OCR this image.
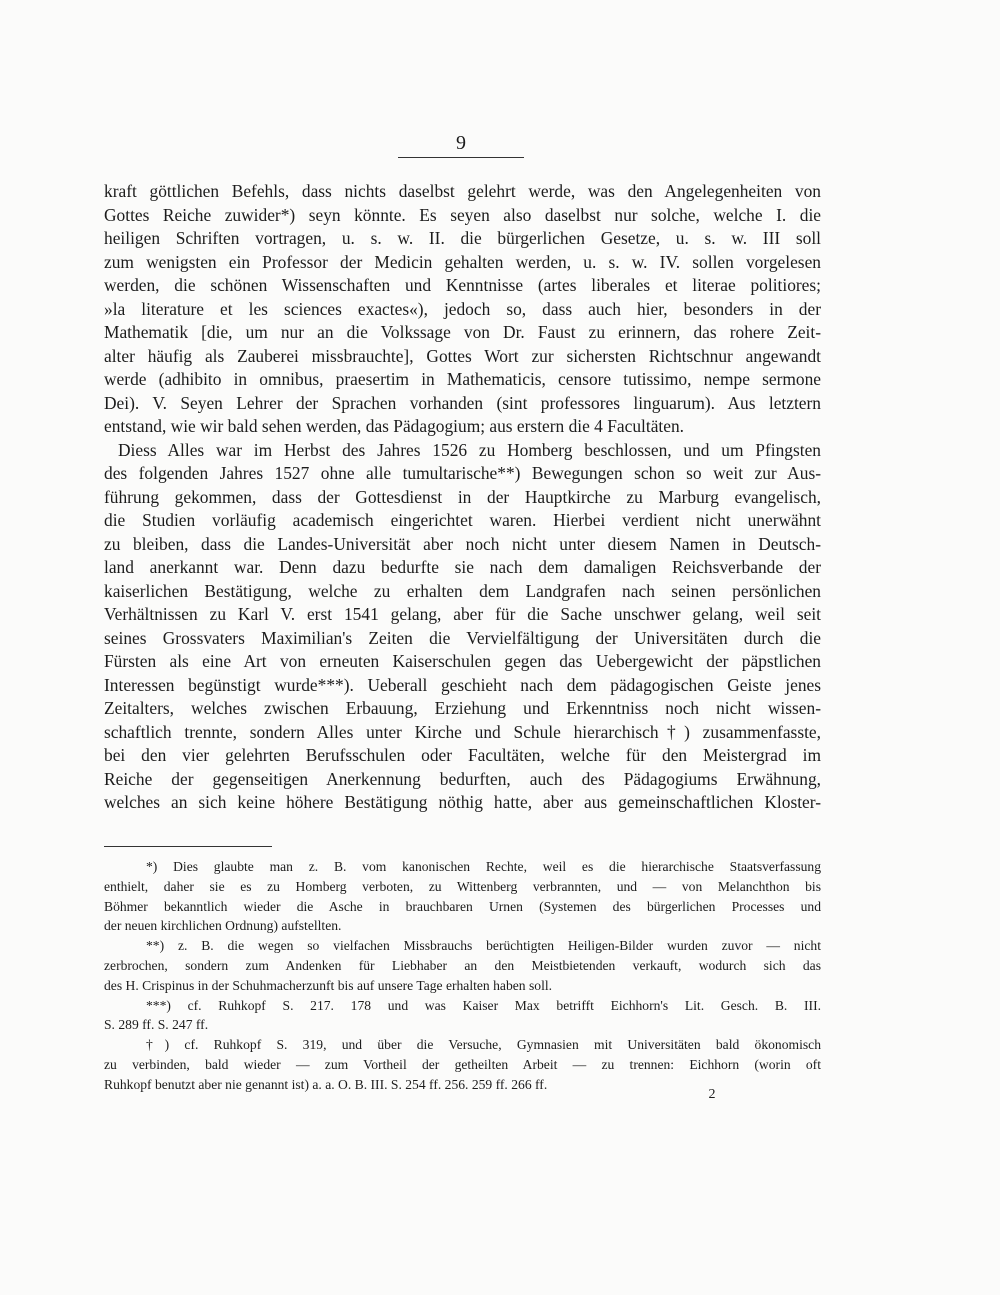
9
kraft göttlichen Befehls, dass nichts daselbst gelehrt werde, was den Angelegenheiten von
Gottes Reiche zuwider*) seyn könnte. Es seyen also daselbst nur solche, welche I. die
heiligen Schriften vortragen, u. s. w. II. die bürgerlichen Gesetze, u. s. w. III soll
zum wenigsten ein Professor der Medicin gehalten werden, u. s. w. IV. sollen vorgelesen
werden, die schönen Wissenschaften und Kenntnisse (artes liberales et literae politiores;
»la literature et les sciences exactes«), jedoch so, dass auch hier, besonders in der
Mathematik [die, um nur an die Volkssage von Dr. Faust zu erinnern, das rohere Zeit-
alter häufig als Zauberei missbrauchte], Gottes Wort zur sichersten Richtschnur angewandt
werde (adhibito in omnibus, praesertim in Mathematicis, censore tutissimo, nempe sermone
Dei). V. Seyen Lehrer der Sprachen vorhanden (sint professores linguarum). Aus letztern
entstand, wie wir bald sehen werden, das Pädagogium; aus erstern die 4 Facultäten.
Diess Alles war im Herbst des Jahres 1526 zu Homberg beschlossen, und um Pfingsten
des folgenden Jahres 1527 ohne alle tumultarische**) Bewegungen schon so weit zur Aus-
führung gekommen, dass der Gottesdienst in der Hauptkirche zu Marburg evangelisch,
die Studien vorläufig academisch eingerichtet waren. Hierbei verdient nicht unerwähnt
zu bleiben, dass die Landes-Universität aber noch nicht unter diesem Namen in Deutsch-
land anerkannt war. Denn dazu bedurfte sie nach dem damaligen Reichsverbande der
kaiserlichen Bestätigung, welche zu erhalten dem Landgrafen nach seinen persönlichen
Verhältnissen zu Karl V. erst 1541 gelang, aber für die Sache unschwer gelang, weil seit
seines Grossvaters Maximilian's Zeiten die Vervielfältigung der Universitäten durch die
Fürsten als eine Art von erneuten Kaiserschulen gegen das Uebergewicht der päpstlichen
Interessen begünstigt wurde***). Ueberall geschieht nach dem pädagogischen Geiste jenes
Zeitalters, welches zwischen Erbauung, Erziehung und Erkenntniss noch nicht wissen-
schaftlich trennte, sondern Alles unter Kirche und Schule hierarchisch†) zusammenfasste,
bei den vier gelehrten Berufsschulen oder Facultäten, welche für den Meistergrad im
Reiche der gegenseitigen Anerkennung bedurften, auch des Pädagogiums Erwähnung,
welches an sich keine höhere Bestätigung nöthig hatte, aber aus gemeinschaftlichen Kloster-
*) Dies glaubte man z. B. vom kanonischen Rechte, weil es die hierarchische Staatsverfassung
enthielt, daher sie es zu Homberg verboten, zu Wittenberg verbrannten, und — von Melanchthon bis
Böhmer bekanntlich wieder die Asche in brauchbaren Urnen (Systemen des bürgerlichen Processes und
der neuen kirchlichen Ordnung) aufstellten.
**) z. B. die wegen so vielfachen Missbrauchs berüchtigten Heiligen-Bilder wurden zuvor — nicht
zerbrochen, sondern zum Andenken für Liebhaber an den Meistbietenden verkauft, wodurch sich das
des H. Crispinus in der Schuhmacherzunft bis auf unsere Tage erhalten haben soll.
***) cf. Ruhkopf S. 217. 178 und was Kaiser Max betrifft Eichhorn's Lit. Gesch. B. III.
S. 289 ff. S. 247 ff.
†) cf. Ruhkopf S. 319, und über die Versuche, Gymnasien mit Universitäten bald ökonomisch
zu verbinden, bald wieder — zum Vortheil der getheilten Arbeit — zu trennen: Eichhorn (worin oft
Ruhkopf benutzt aber nie genannt ist) a. a. O. B. III. S. 254 ff. 256. 259 ff. 266 ff.
2
